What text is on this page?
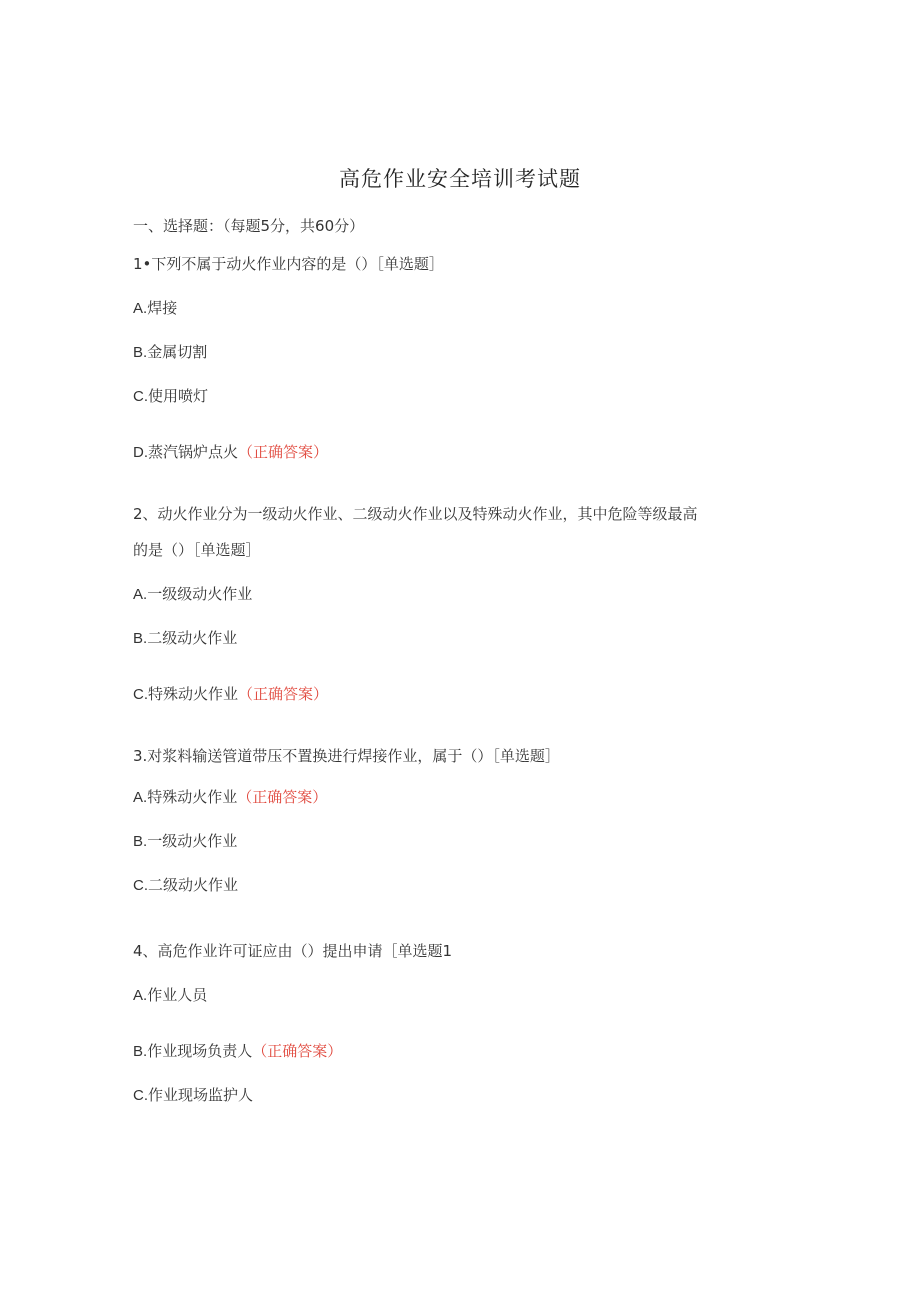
高危作业安全培训考试题
一、选择题：（每题5分，共60分）
1•下列不属于动火作业内容的是（）［单选题］
A.焊接
B.金属切割
C.使用喷灯
D.蒸汽锅炉点火（正确答案）
2、动火作业分为一级动火作业、二级动火作业以及特殊动火作业，其中危险等级最高
的是（）［单选题］
A.一级级动火作业
B.二级动火作业
C.特殊动火作业（正确答案）
3.对浆料输送管道带压不置换进行焊接作业，属于（）［单选题］
A.特殊动火作业（正确答案）
B.一级动火作业
C.二级动火作业
4、高危作业许可证应由（）提出申请［单选题1
A.作业人员
B.作业现场负责人（正确答案）
C.作业现场监护人
